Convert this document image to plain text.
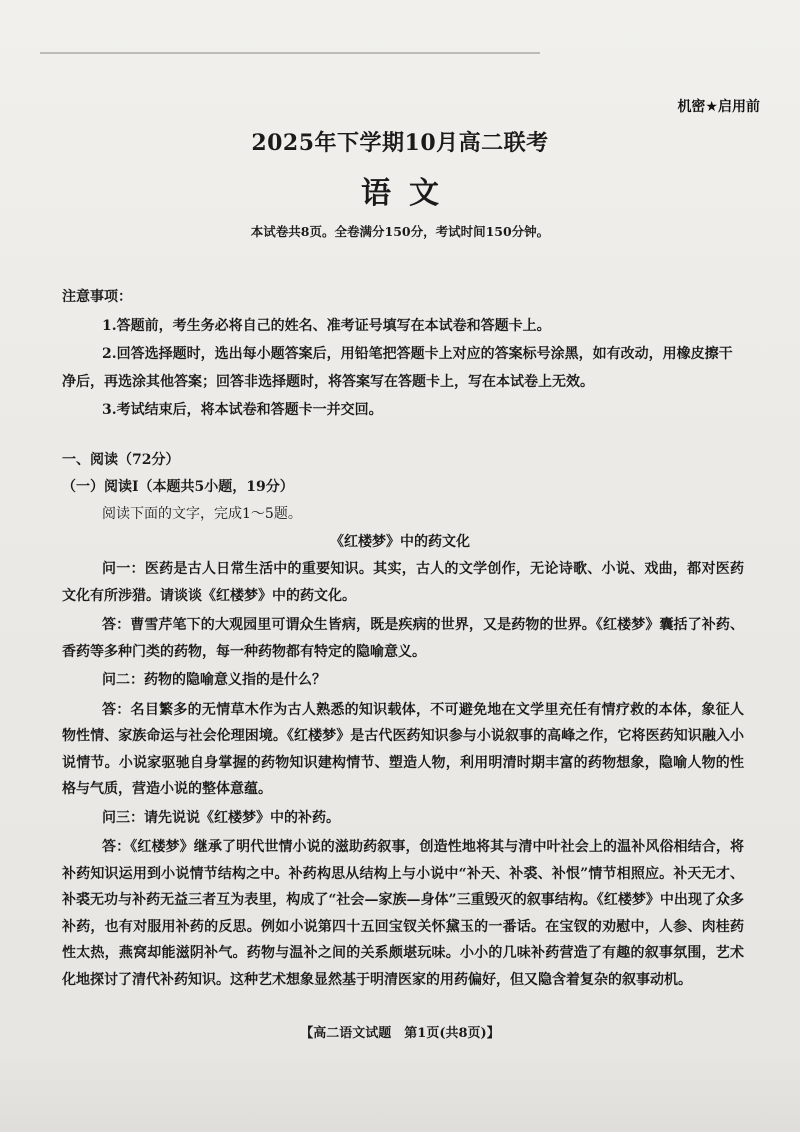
机密★启用前
2025年下学期10月高二联考
语文
本试卷共8页。全卷满分150分，考试时间150分钟。
注意事项：

1.答题前，考生务必将自己的姓名、准考证号填写在本试卷和答题卡上。

2.回答选择题时，选出每小题答案后，用铅笔把答题卡上对应的答案标号涂黑，如有改动，用橡皮擦干净后，再选涂其他答案；回答非选择题时，将答案写在答题卡上，写在本试卷上无效。

3.考试结束后，将本试卷和答题卡一并交回。

一、阅读（72分）
（一）阅读Ⅰ（本题共5小题，19分）
阅读下面的文字，完成1～5题。
《红楼梦》中的药文化

问一：医药是古人日常生活中的重要知识。其实，古人的文学创作，无论诗歌、小说、戏曲，都对医药文化有所涉猎。请谈谈《红楼梦》中的药文化。

答：曹雪芹笔下的大观园里可谓众生皆病，既是疾病的世界，又是药物的世界。《红楼梦》囊括了补药、香药等多种门类的药物，每一种药物都有特定的隐喻意义。

问二：药物的隐喻意义指的是什么？

答：名目繁多的无情草木作为古人熟悉的知识载体，不可避免地在文学里充任有情疗救的本体，象征人物性情、家族命运与社会伦理困境。《红楼梦》是古代医药知识参与小说叙事的高峰之作，它将医药知识融入小说情节。小说家驱驰自身掌握的药物知识建构情节、塑造人物，利用明清时期丰富的药物想象，隐喻人物的性格与气质，营造小说的整体意蕴。

问三：请先说说《红楼梦》中的补药。

答：《红楼梦》继承了明代世情小说的滋助药叙事，创造性地将其与清中叶社会上的温补风俗相结合，将补药知识运用到小说情节结构之中。补药构思从结构上与小说中“补天、补裘、补恨”情节相照应。补天无才、补裘无功与补药无益三者互为表里，构成了“社会—家族—身体”三重毁灭的叙事结构。《红楼梦》中出现了众多补药，也有对服用补药的反思。例如小说第四十五回宝钗关怀黛玉的一番话。在宝钗的劝慰中，人参、肉桂药性太热，燕窝却能滋阴补气。药物与温补之间的关系颇堪玩味。小小的几味补药营造了有趣的叙事氛围，艺术化地探讨了清代补药知识。这种艺术想象显然基于明清医家的用药偏好，但又隐含着复杂的叙事动机。

【高二语文试题　第1页(共8页)】
